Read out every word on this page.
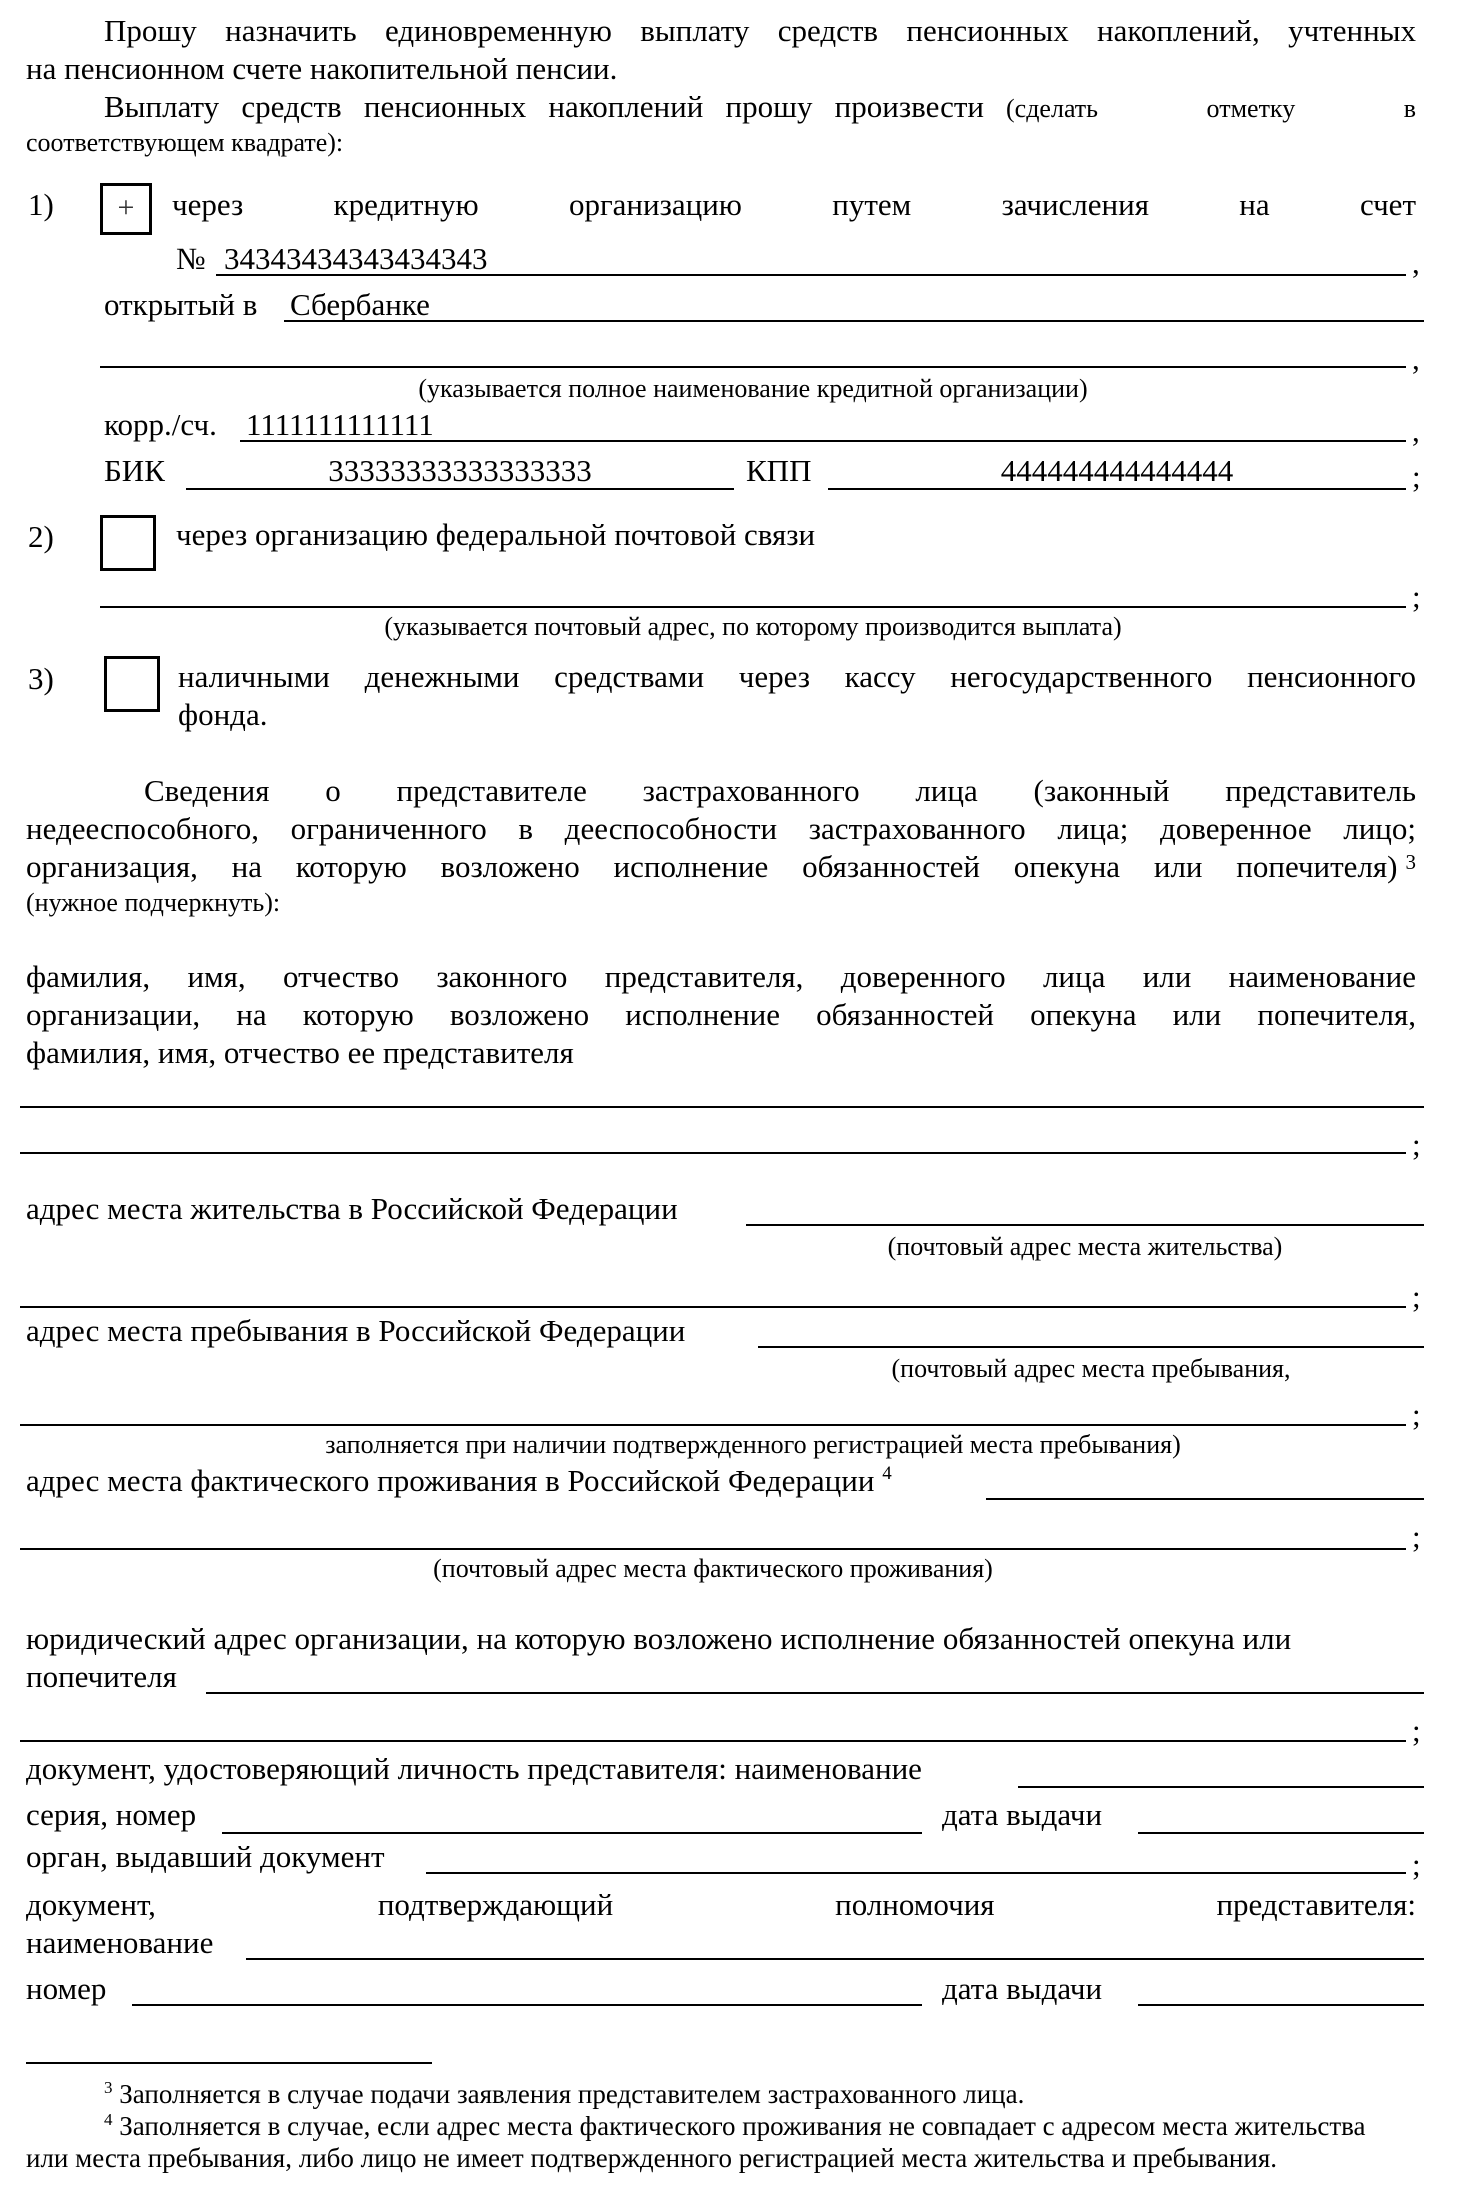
Прошу назначить единовременную выплату средств пенсионных накоплений, учтенных

на пенсионном счете накопительной пенсии.

Выплату средств пенсионных накоплений прошу произвести (сделать отметку в

соответствующем квадрате):

1)	+	через кредитную организацию путем зачисления на счет

№ 34343434343434343	,
открытый в Сбербанке
,

(указывается полное наименование кредитной организации)

корр./сч. 1111111111111	,
БИК	33333333333333333	КПП	444444444444444	;

2)	через организацию федеральной почтовой связи

;

(указывается почтовый адрес, по которому производится выплата)

3)	наличными денежными средствами через кассу негосударственного пенсионного

фонда.

Сведения о представителе застрахованного лица (законный представитель

недееспособного, ограниченного в дееспособности застрахованного лица; доверенное лицо;

организация, на которую возложено исполнение обязанностей опекуна или попечителя) 3

(нужное подчеркнуть):

фамилия, имя, отчество законного представителя, доверенного лица или наименование

организации, на которую возложено исполнение обязанностей опекуна или попечителя,

фамилия, имя, отчество ее представителя

;

адрес места жительства в Российской Федерации

(почтовый адрес места жительства)

;

адрес места пребывания в Российской Федерации

(почтовый адрес места пребывания,

;

заполняется при наличии подтвержденного регистрацией места пребывания)

адрес места фактического проживания в Российской Федерации $^4$

;

(почтовый адрес места фактического проживания)

юридический адрес организации, на которую возложено исполнение обязанностей опекуна или

попечителя

;

документ, удостоверяющий личность представителя: наименование

серия, номер	дата выдачи

орган, выдавший документ	;

документ, подтверждающий полномочия представителя:

наименование

номер	дата выдачи

$^3$ Заполняется в случае подачи заявления представителем застрахованного лица.

$^4$ Заполняется в случае, если адрес места фактического проживания не совпадает с адресом места жительства

или места пребывания, либо лицо не имеет подтвержденного регистрацией места жительства и пребывания.
